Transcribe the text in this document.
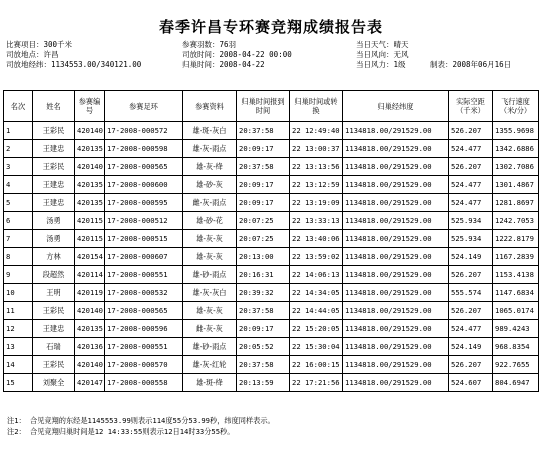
春季许昌专环赛竞翔成绩报告表
比赛项目：300千米	参赛羽数：76羽	当日天气：晴天
司放地点：许昌	司放时间：2008-04-22 00:00	当日风向：无风
司放地经纬：1134553.00/340121.00	归巢时间：2008-04-22	当日风力：1级	制表：2008年06月16日
名次	姓名	参赛编号	参赛足环	参赛资料	归巢时间报到时间	归巢时间或转换	归巢经纬度	实际空距（千米）	飞行速度（米/分）
1	王彩民	420140	17-2008-000572	雄-斑-灰白	20:37:58	22 12:49:40	1134818.00/291529.00	526.207	1355.9698
2	王建忠	420135	17-2008-000598	雄-灰-雨点	20:09:17	22 13:00:37	1134818.00/291529.00	524.477	1342.6886
3	王彩民	420140	17-2008-000565	雄-灰-绛	20:37:58	22 13:13:56	1134818.00/291529.00	526.207	1302.7086
4	王建忠	420135	17-2008-000600	雄-砂-灰	20:09:17	22 13:12:59	1134818.00/291529.00	524.477	1301.4867
5	王建忠	420135	17-2008-000595	雌-灰-雨点	20:09:17	22 13:19:09	1134818.00/291529.00	524.477	1281.8697
6	汤勇	420115	17-2008-000512	雄-砂-花	20:07:25	22 13:33:13	1134818.00/291529.00	525.934	1242.7053
7	汤勇	420115	17-2008-000515	雄-灰-灰	20:07:25	22 13:40:06	1134818.00/291529.00	525.934	1222.8179
8	方林	420154	17-2008-000607	雄-灰-灰	20:13:00	22 13:59:02	1134818.00/291529.00	524.149	1167.2839
9	段超然	420114	17-2008-000551	雄-砂-雨点	20:16:31	22 14:06:13	1134818.00/291529.00	526.207	1153.4138
10	王明	420119	17-2008-000532	雄-灰-灰白	20:39:32	22 14:34:05	1134818.00/291529.00	555.574	1147.6834
11	王彩民	420140	17-2008-000565	雄-灰-灰	20:37:58	22 14:44:05	1134818.00/291529.00	526.207	1065.0174
12	王建忠	420135	17-2008-000596	雌-灰-灰	20:09:17	22 15:20:05	1134818.00/291529.00	524.477	989.4243
13	石瑞	420136	17-2008-000551	雄-砂-雨点	20:05:52	22 15:30:04	1134818.00/291529.00	524.149	968.8354
14	王彩民	420140	17-2008-000570	雄-灰-红轮	20:37:58	22 16:00:15	1134818.00/291529.00	526.207	922.7655
15	刘聚全	420147	17-2008-000558	雄-斑-绛	20:13:59	22 17:21:56	1134818.00/291529.00	524.607	804.6947
注1： 合见竞翔的东经是1145553.99则表示114度55分53.99秒，纬度同样表示。
注2： 合见竞翔归巢时间是12 14:33:55则表示12日14时33分55秒。
